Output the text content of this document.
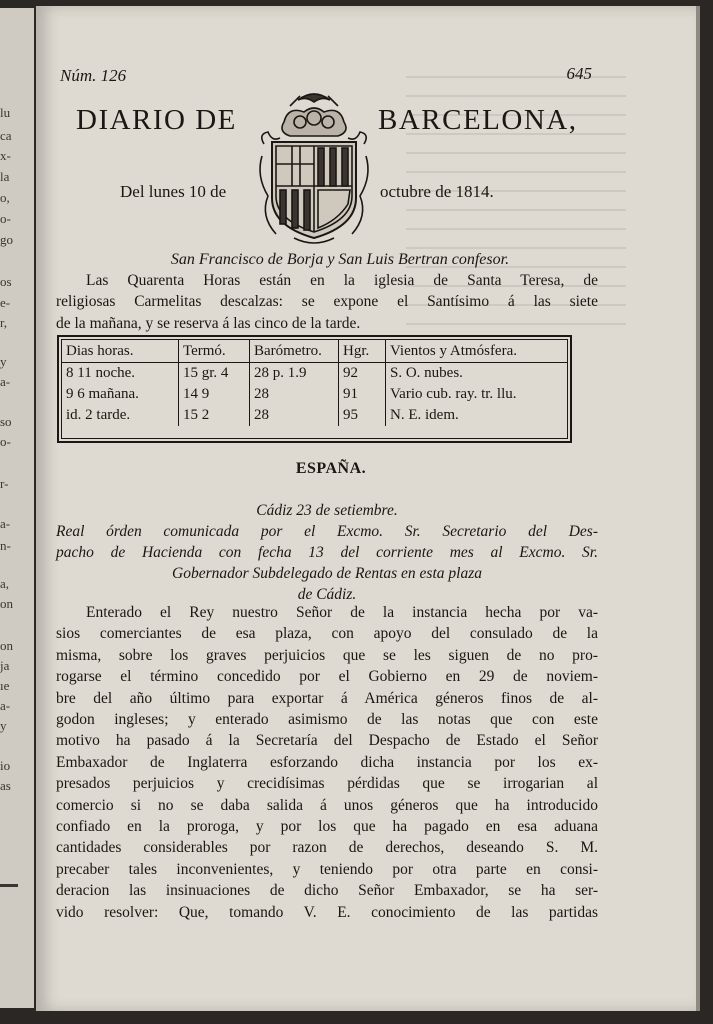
lu
ca
x-
la
o,
o-
go
os
e-
r,
y
a-
so
o-
r-
a-
n-
a,
on
on
ja
ıe
a-
y
io
as
Núm. 126	645
DIARIO DE	BARCELONA,
Del lunes 10 de	octubre de 1814.
San Francisco de Borja y San Luis Bertran confesor.
Las Quarenta Horas están en la iglesia de Santa Teresa, de
religiosas Carmelitas descalzas: se expone el Santísimo á las siete
de la mañana, y se reserva á las cinco de la tarde.
Dias horas.	Termó.	Barómetro.	Hgr.	Vientos y Atmósfera.
8 11 noche.	15 gr. 4	28 p. 1.9	92	S. O. nubes.
9 6 mañana.	14 9	28	91	Vario cub. ray. tr. llu.
id. 2 tarde.	15 2	28	95	N. E. idem.
ESPAÑA.
Cádiz 23 de setiembre.
Real órden comunicada por el Excmo. Sr. Secretario del Des-
pacho de Hacienda con fecha 13 del corriente mes al Excmo. Sr.
Gobernador Subdelegado de Rentas en esta plaza
de Cádiz.
Enterado el Rey nuestro Señor de la instancia hecha por va-
sios comerciantes de esa plaza, con apoyo del consulado de la
misma, sobre los graves perjuicios que se les siguen de no pro-
rogarse el término concedido por el Gobierno en 29 de noviem-
bre del año último para exportar á América géneros finos de al-
godon ingleses; y enterado asimismo de las notas que con este
motivo ha pasado á la Secretaría del Despacho de Estado el Señor
Embaxador de Inglaterra esforzando dicha instancia por los ex-
presados perjuicios y crecidísimas pérdidas que se irrogarian al
comercio si no se daba salida á unos géneros que ha introducido
confiado en la proroga, y por los que ha pagado en esa aduana
cantidades considerables por razon de derechos, deseando S. M.
precaber tales inconvenientes, y teniendo por otra parte en consi-
deracion las insinuaciones de dicho Señor Embaxador, se ha ser-
vido resolver: Que, tomando V. E. conocimiento de las partidas
